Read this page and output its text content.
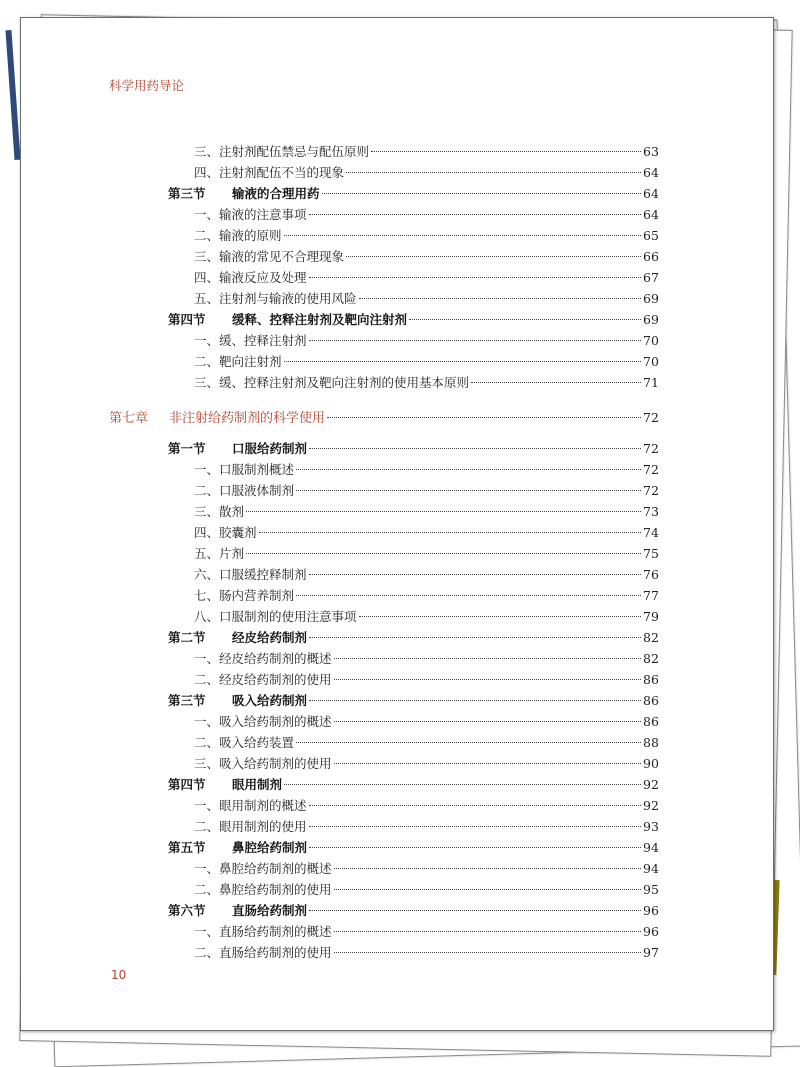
科学用药导论
三、注射剂配伍禁忌与配伍原则	63
四、注射剂配伍不当的现象	64
第三节 输液的合理用药	64
一、输液的注意事项	64
二、输液的原则	65
三、输液的常见不合理现象	66
四、输液反应及处理	67
五、注射剂与输液的使用风险	69
第四节 缓释、控释注射剂及靶向注射剂	69
一、缓、控释注射剂	70
二、靶向注射剂	70
三、缓、控释注射剂及靶向注射剂的使用基本原则	71
第七章 非注射给药制剂的科学使用	72
第一节 口服给药制剂	72
一、口服制剂概述	72
二、口服液体制剂	72
三、散剂	73
四、胶囊剂	74
五、片剂	75
六、口服缓控释制剂	76
七、肠内营养制剂	77
八、口服制剂的使用注意事项	79
第二节 经皮给药制剂	82
一、经皮给药制剂的概述	82
二、经皮给药制剂的使用	86
第三节 吸入给药制剂	86
一、吸入给药制剂的概述	86
二、吸入给药装置	88
三、吸入给药制剂的使用	90
第四节 眼用制剂	92
一、眼用制剂的概述	92
二、眼用制剂的使用	93
第五节 鼻腔给药制剂	94
一、鼻腔给药制剂的概述	94
二、鼻腔给药制剂的使用	95
第六节 直肠给药制剂	96
一、直肠给药制剂的概述	96
二、直肠给药制剂的使用	97
10
